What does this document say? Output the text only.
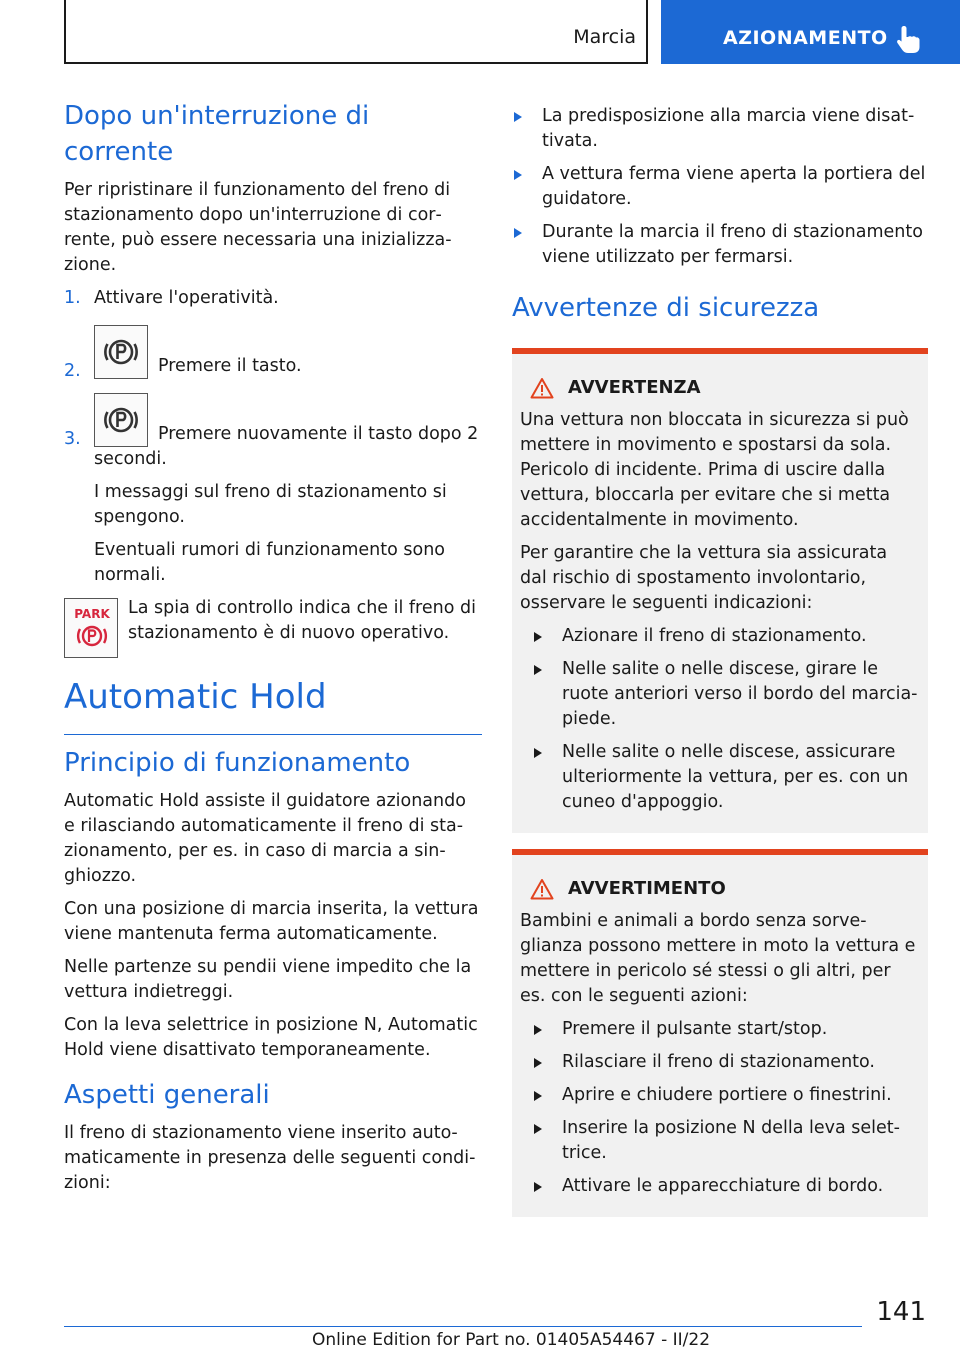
Marcia	AZIONAMENTO
Dopo un'interruzione di corrente

Per ripristinare il funzionamento del freno di stazionamento dopo un'interruzione di corrente, può essere necessaria una inizializzazione.

1. Attivare l'operatività.
2.	Premere il tasto.
3.	Premere nuovamente il tasto dopo 2 secondi.
I messaggi sul freno di stazionamento si spengono.
Eventuali rumori di funzionamento sono normali.
PARK La spia di controllo indica che il freno di stazionamento è di nuovo operativo.
Automatic Hold
Principio di funzionamento

Automatic Hold assiste il guidatore azionando e rilasciando automaticamente il freno di stazionamento, per es. in caso di marcia a singhiozzo.

Con una posizione di marcia inserita, la vettura viene mantenuta ferma automaticamente.

Nelle partenze su pendii viene impedito che la vettura indietreggi.

Con la leva selettrice in posizione N, Automatic Hold viene disattivato temporaneamente.

Aspetti generali

Il freno di stazionamento viene inserito automaticamente in presenza delle seguenti condizioni:

La predisposizione alla marcia viene disattivata.
A vettura ferma viene aperta la portiera del guidatore.
Durante la marcia il freno di stazionamento viene utilizzato per fermarsi.
Avvertenze di sicurezza
AVVERTENZA

Una vettura non bloccata in sicurezza si può mettere in movimento e spostarsi da sola. Pericolo di incidente. Prima di uscire dalla vettura, bloccarla per evitare che si metta accidentalmente in movimento.

Per garantire che la vettura sia assicurata dal rischio di spostamento involontario, osservare le seguenti indicazioni:

Azionare il freno di stazionamento.
Nelle salite o nelle discese, girare le ruote anteriori verso il bordo del marciapiede.
Nelle salite o nelle discese, assicurare ulteriormente la vettura, per es. con un cuneo d'appoggio.
AVVERTIMENTO

Bambini e animali a bordo senza sorveglianza possono mettere in moto la vettura e mettere in pericolo sé stessi o gli altri, per es. con le seguenti azioni:

Premere il pulsante start/stop.
Rilasciare il freno di stazionamento.
Aprire e chiudere portiere o finestrini.
Inserire la posizione N della leva selettrice.
Attivare le apparecchiature di bordo.
141
Online Edition for Part no. 01405A54467 - II/22
